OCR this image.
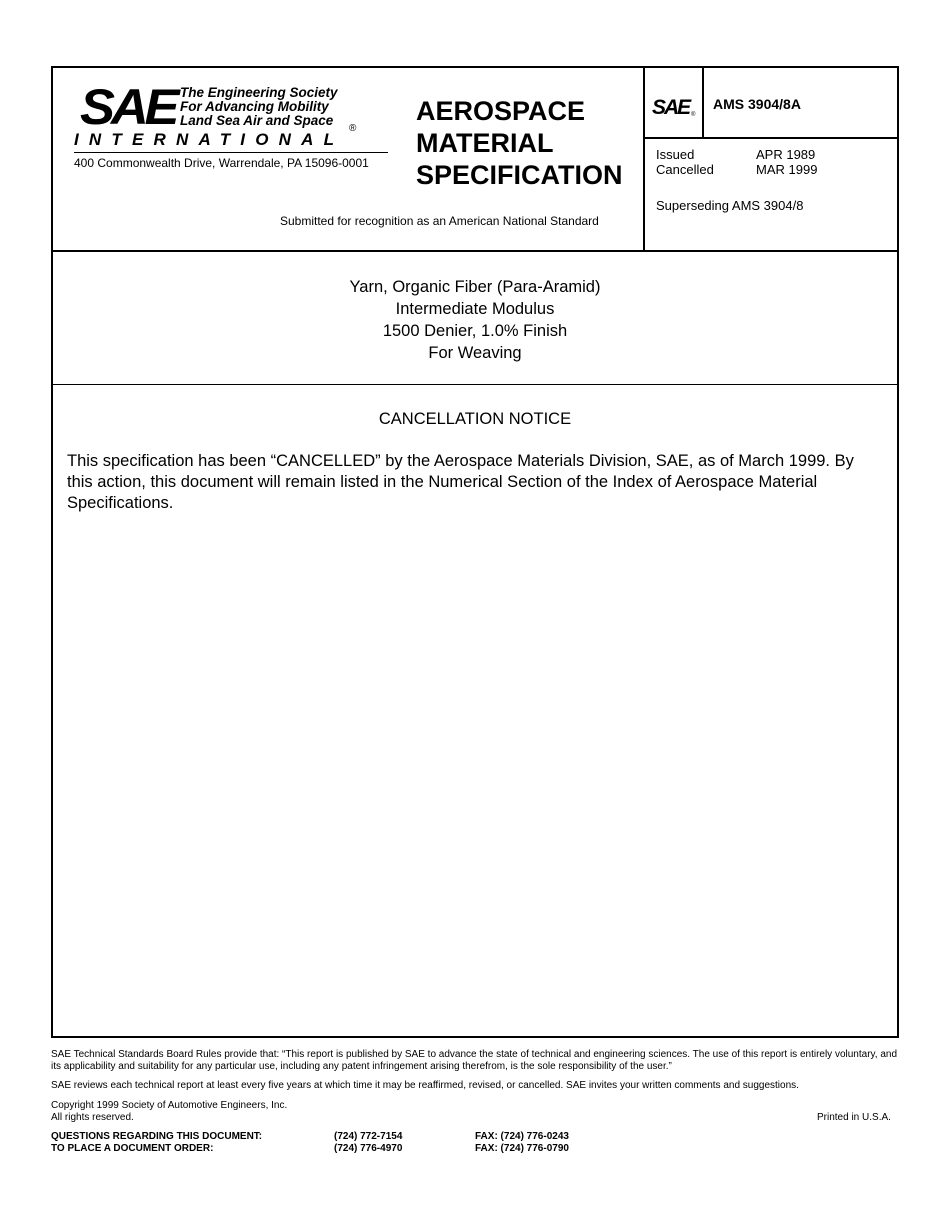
SAE The Engineering Society
For Advancing Mobility
Land Sea Air and Space
INTERNATIONAL
®
400 Commonwealth Drive, Warrendale, PA 15096-0001
AEROSPACE
MATERIAL
SPECIFICATION
Submitted for recognition as an American National Standard
SAE ®
AMS 3904/8A
Issued	APR 1989
Cancelled	MAR 1999
Superseding AMS 3904/8
Yarn, Organic Fiber (Para-Aramid)
Intermediate Modulus
1500 Denier, 1.0% Finish
For Weaving
CANCELLATION NOTICE
This specification has been “CANCELLED” by the Aerospace Materials Division, SAE, as of March 1999. By this action, this document will remain listed in the Numerical Section of the Index of Aerospace Material Specifications.
SAE Technical Standards Board Rules provide that: “This report is published by SAE to advance the state of technical and engineering sciences. The use of this report is entirely voluntary, and its applicability and suitability for any particular use, including any patent infringement arising therefrom, is the sole responsibility of the user.”
SAE reviews each technical report at least every five years at which time it may be reaffirmed, revised, or cancelled. SAE invites your written comments and suggestions.
Copyright 1999 Society of Automotive Engineers, Inc.
All rights reserved.	Printed in U.S.A.
QUESTIONS REGARDING THIS DOCUMENT:	(724) 772-7154	FAX: (724) 776-0243
TO PLACE A DOCUMENT ORDER:	(724) 776-4970	FAX: (724) 776-0790
